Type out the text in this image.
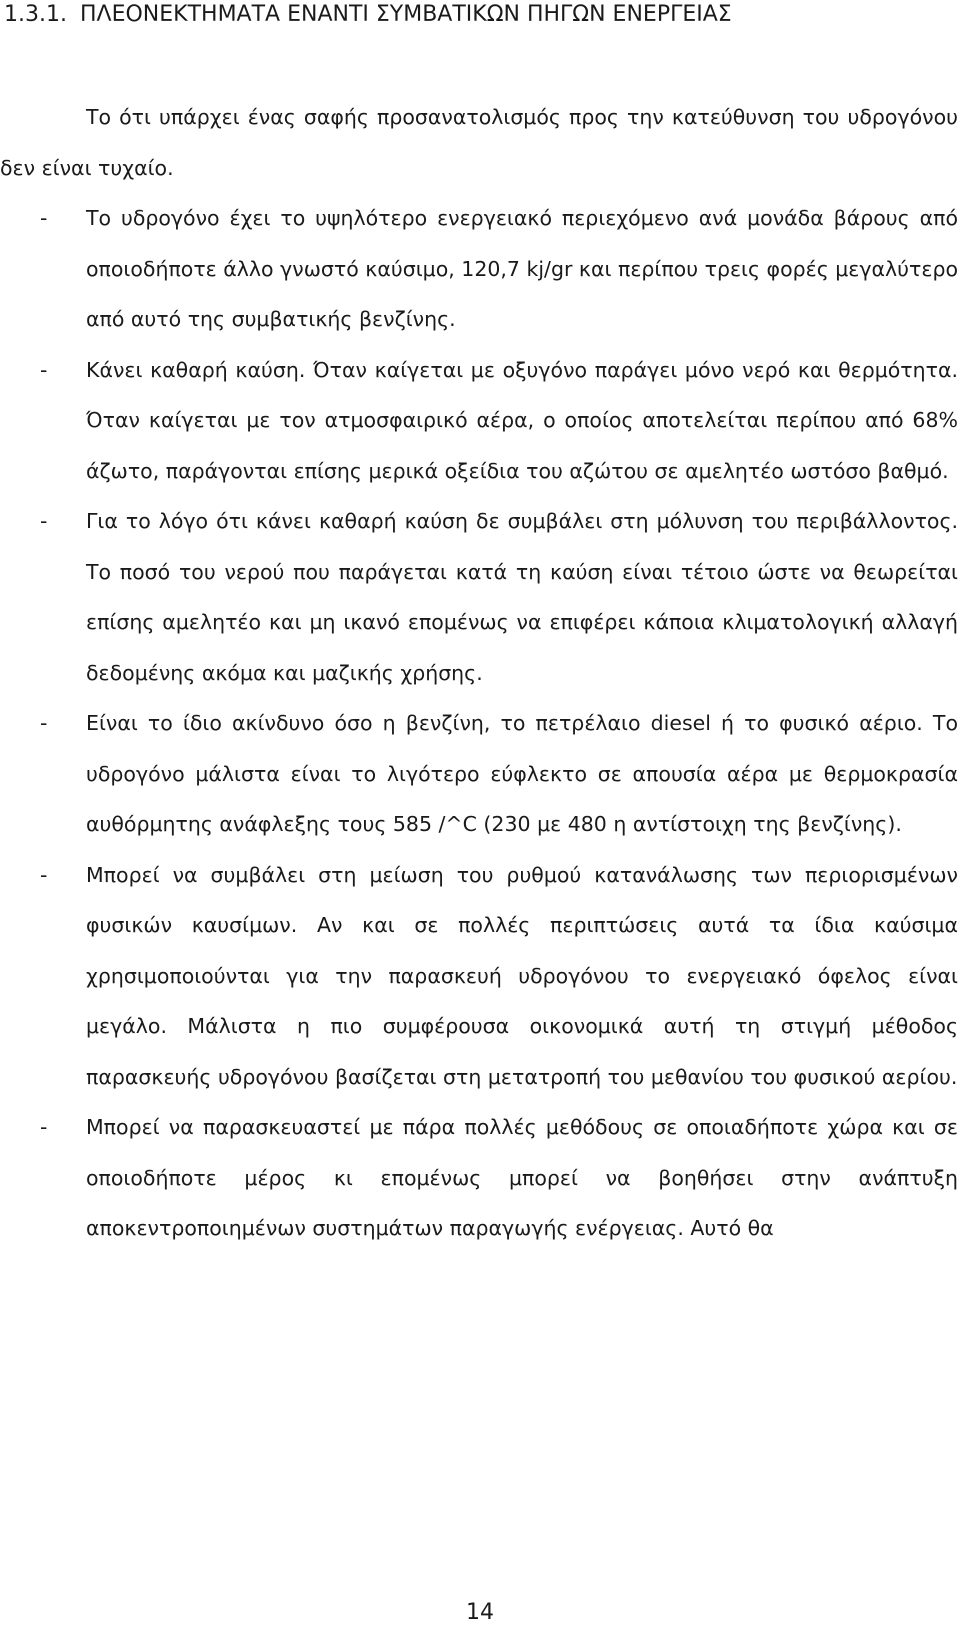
1.3.1. ΠΛΕΟΝΕΚΤΗΜΑΤΑ ΕΝΑΝΤΙ ΣΥΜΒΑΤΙΚΩΝ ΠΗΓΩΝ ΕΝΕΡΓΕΙΑΣ

Το ότι υπάρχει ένας σαφής προσανατολισμός προς την κατεύθυνση του υδρογόνου δεν είναι τυχαίο.

- Το υδρογόνο έχει το υψηλότερο ενεργειακό περιεχόμενο ανά μονάδα βάρους από οποιοδήποτε άλλο γνωστό καύσιμο, 120,7 kj/gr και περίπου τρεις φορές μεγαλύτερο από αυτό της συμβατικής βενζίνης.
- Κάνει καθαρή καύση. Όταν καίγεται με οξυγόνο παράγει μόνο νερό και θερμότητα. Όταν καίγεται με τον ατμοσφαιρικό αέρα, ο οποίος αποτελείται περίπου από 68% άζωτο, παράγονται επίσης μερικά οξείδια του αζώτου σε αμελητέο ωστόσο βαθμό.
- Για το λόγο ότι κάνει καθαρή καύση δε συμβάλει στη μόλυνση του περιβάλλοντος. Το ποσό του νερού που παράγεται κατά τη καύση είναι τέτοιο ώστε να θεωρείται επίσης αμελητέο και μη ικανό επομένως να επιφέρει κάποια κλιματολογική αλλαγή δεδομένης ακόμα και μαζικής χρήσης.
- Είναι το ίδιο ακίνδυνο όσο η βενζίνη, το πετρέλαιο diesel ή το φυσικό αέριο. Το υδρογόνο μάλιστα είναι το λιγότερο εύφλεκτο σε απουσία αέρα με θερμοκρασία αυθόρμητης ανάφλεξης τους 585 /^C (230 με 480 η αντίστοιχη της βενζίνης).
- Μπορεί να συμβάλει στη μείωση του ρυθμού κατανάλωσης των περιορισμένων φυσικών καυσίμων. Αν και σε πολλές περιπτώσεις αυτά τα ίδια καύσιμα χρησιμοποιούνται για την παρασκευή υδρογόνου το ενεργειακό όφελος είναι μεγάλο. Μάλιστα η πιο συμφέρουσα οικονομικά αυτή τη στιγμή μέθοδος παρασκευής υδρογόνου βασίζεται στη μετατροπή του μεθανίου του φυσικού αερίου.
- Μπορεί να παρασκευαστεί με πάρα πολλές μεθόδους σε οποιαδήποτε χώρα και σε οποιοδήποτε μέρος κι επομένως μπορεί να βοηθήσει στην ανάπτυξη αποκεντροποιημένων συστημάτων παραγωγής ενέργειας. Αυτό θα
14
